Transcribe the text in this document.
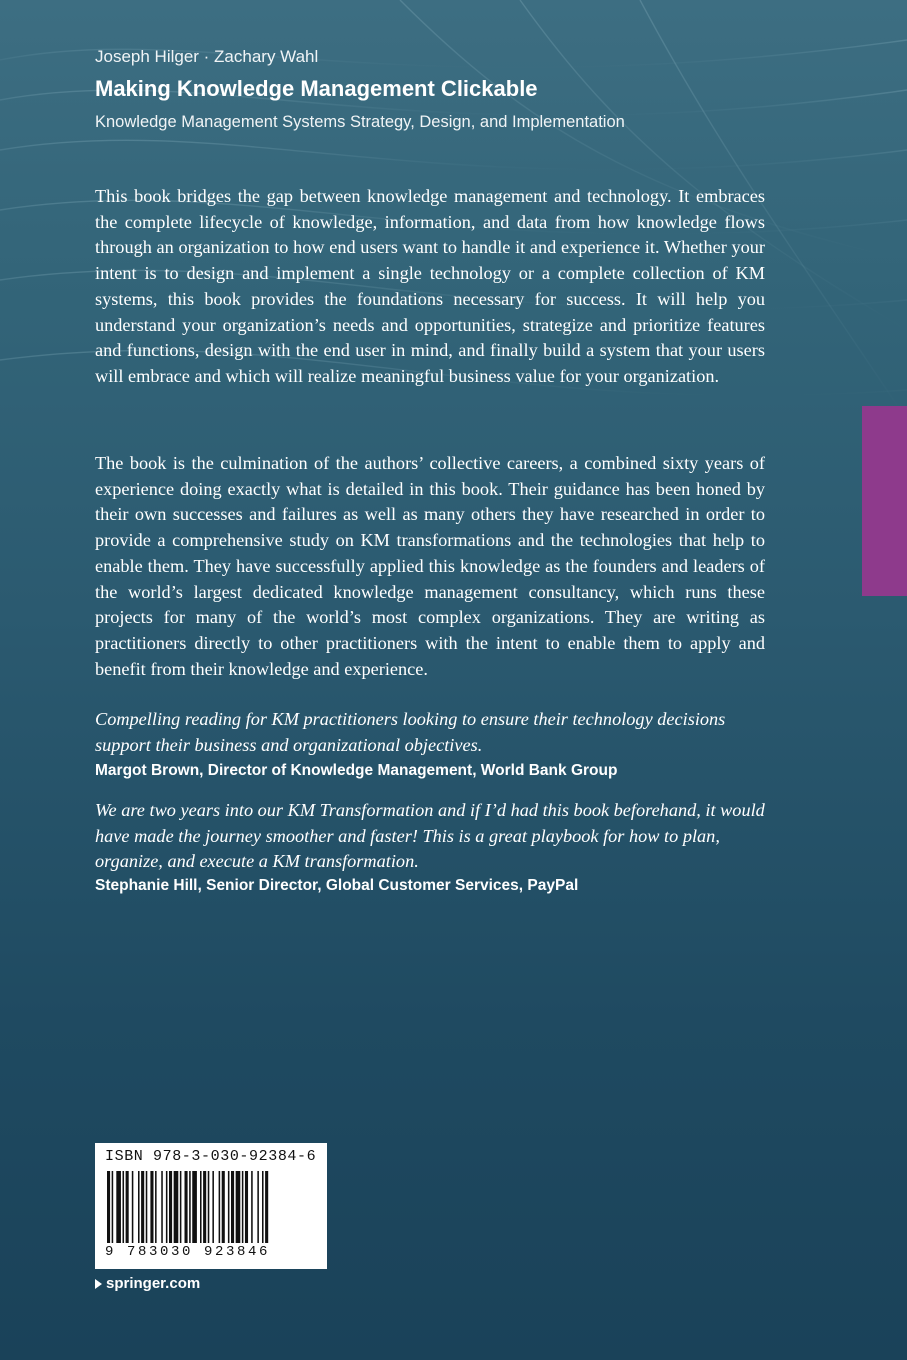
Joseph Hilger · Zachary Wahl
Making Knowledge Management Clickable
Knowledge Management Systems Strategy, Design, and Implementation

This book bridges the gap between knowledge management and technology. It embraces the complete lifecycle of knowledge, information, and data from how knowledge flows through an organization to how end users want to handle it and experience it. Whether your intent is to design and implement a single technology or a complete collection of KM systems, this book provides the foundations necessary for success. It will help you understand your organization’s needs and opportunities, strategize and prioritize features and functions, design with the end user in mind, and finally build a system that your users will embrace and which will realize meaningful business value for your organization.

The book is the culmination of the authors’ collective careers, a combined sixty years of experience doing exactly what is detailed in this book. Their guidance has been honed by their own successes and failures as well as many others they have researched in order to provide a comprehensive study on KM transformations and the technologies that help to enable them. They have successfully applied this knowledge as the founders and leaders of the world’s largest dedicated knowledge management consultancy, which runs these projects for many of the world’s most complex organizations. They are writing as practitioners directly to other practitioners with the intent to enable them to apply and benefit from their knowledge and experience.

Compelling reading for KM practitioners looking to ensure their technology decisions support their business and organizational objectives.

Margot Brown, Director of Knowledge Management, World Bank Group

We are two years into our KM Transformation and if I’d had this book beforehand, it would have made the journey smoother and faster! This is a great playbook for how to plan, organize, and execute a KM transformation.

Stephanie Hill, Senior Director, Global Customer Services, PayPal
ISBN 978-3-030-92384-6
9 783030 923846
springer.com
